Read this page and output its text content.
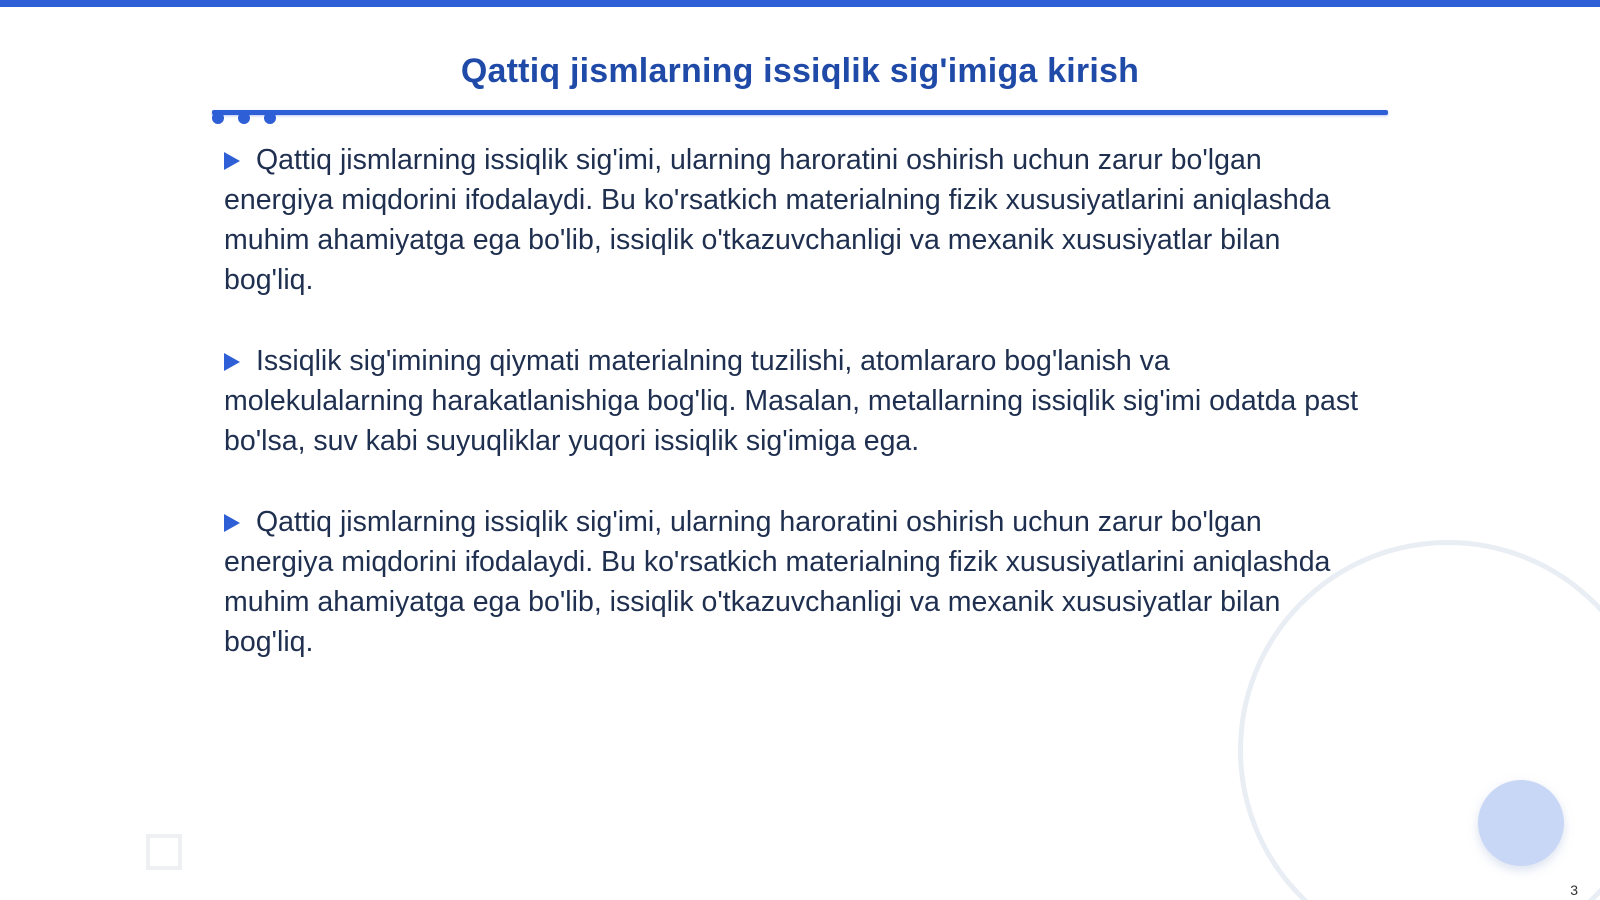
Qattiq jismlarning issiqlik sig'imiga kirish

Qattiq jismlarning issiqlik sig'imi, ularning haroratini oshirish uchun zarur bo'lgan energiya miqdorini ifodalaydi. Bu ko'rsatkich materialning fizik xususiyatlarini aniqlashda muhim ahamiyatga ega bo'lib, issiqlik o'tkazuvchanligi va mexanik xususiyatlar bilan bog'liq.

Issiqlik sig'imining qiymati materialning tuzilishi, atomlararo bog'lanish va molekulalarning harakatlanishiga bog'liq. Masalan, metallarning issiqlik sig'imi odatda past bo'lsa, suv kabi suyuqliklar yuqori issiqlik sig'imiga ega.

Qattiq jismlarning issiqlik sig'imi, ularning haroratini oshirish uchun zarur bo'lgan energiya miqdorini ifodalaydi. Bu ko'rsatkich materialning fizik xususiyatlarini aniqlashda muhim ahamiyatga ega bo'lib, issiqlik o'tkazuvchanligi va mexanik xususiyatlar bilan bog'liq.

3
